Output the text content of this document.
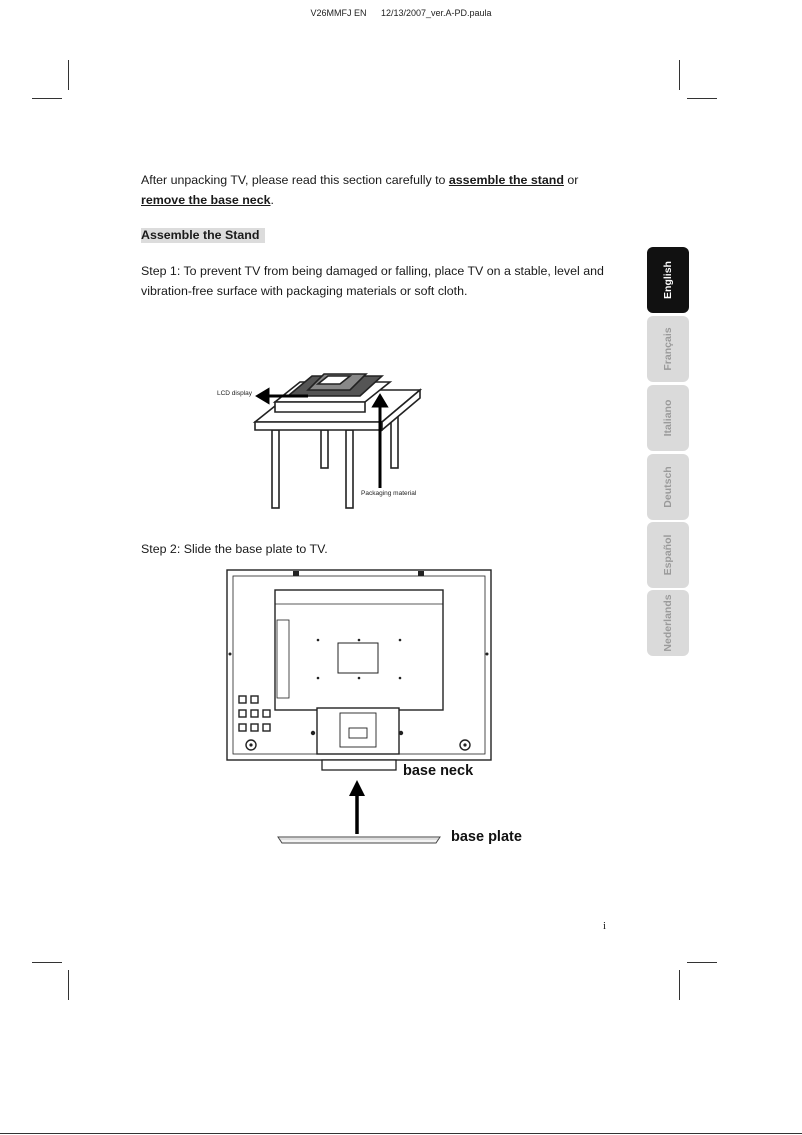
V26MMFJ EN 12/13/2007_ver.A-PD.paula
After unpacking TV, please read this section carefully to assemble the stand or
remove the base neck.
Assemble the Stand
Step 1: To prevent TV from being damaged or falling, place TV on a stable, level and
vibration-free surface with packaging materials or soft cloth.
LCD display
Packaging material
Step 2: Slide the base plate to TV.
base neck
base plate
English
Français
Italiano
Deutsch
Español
Nederlands
i
